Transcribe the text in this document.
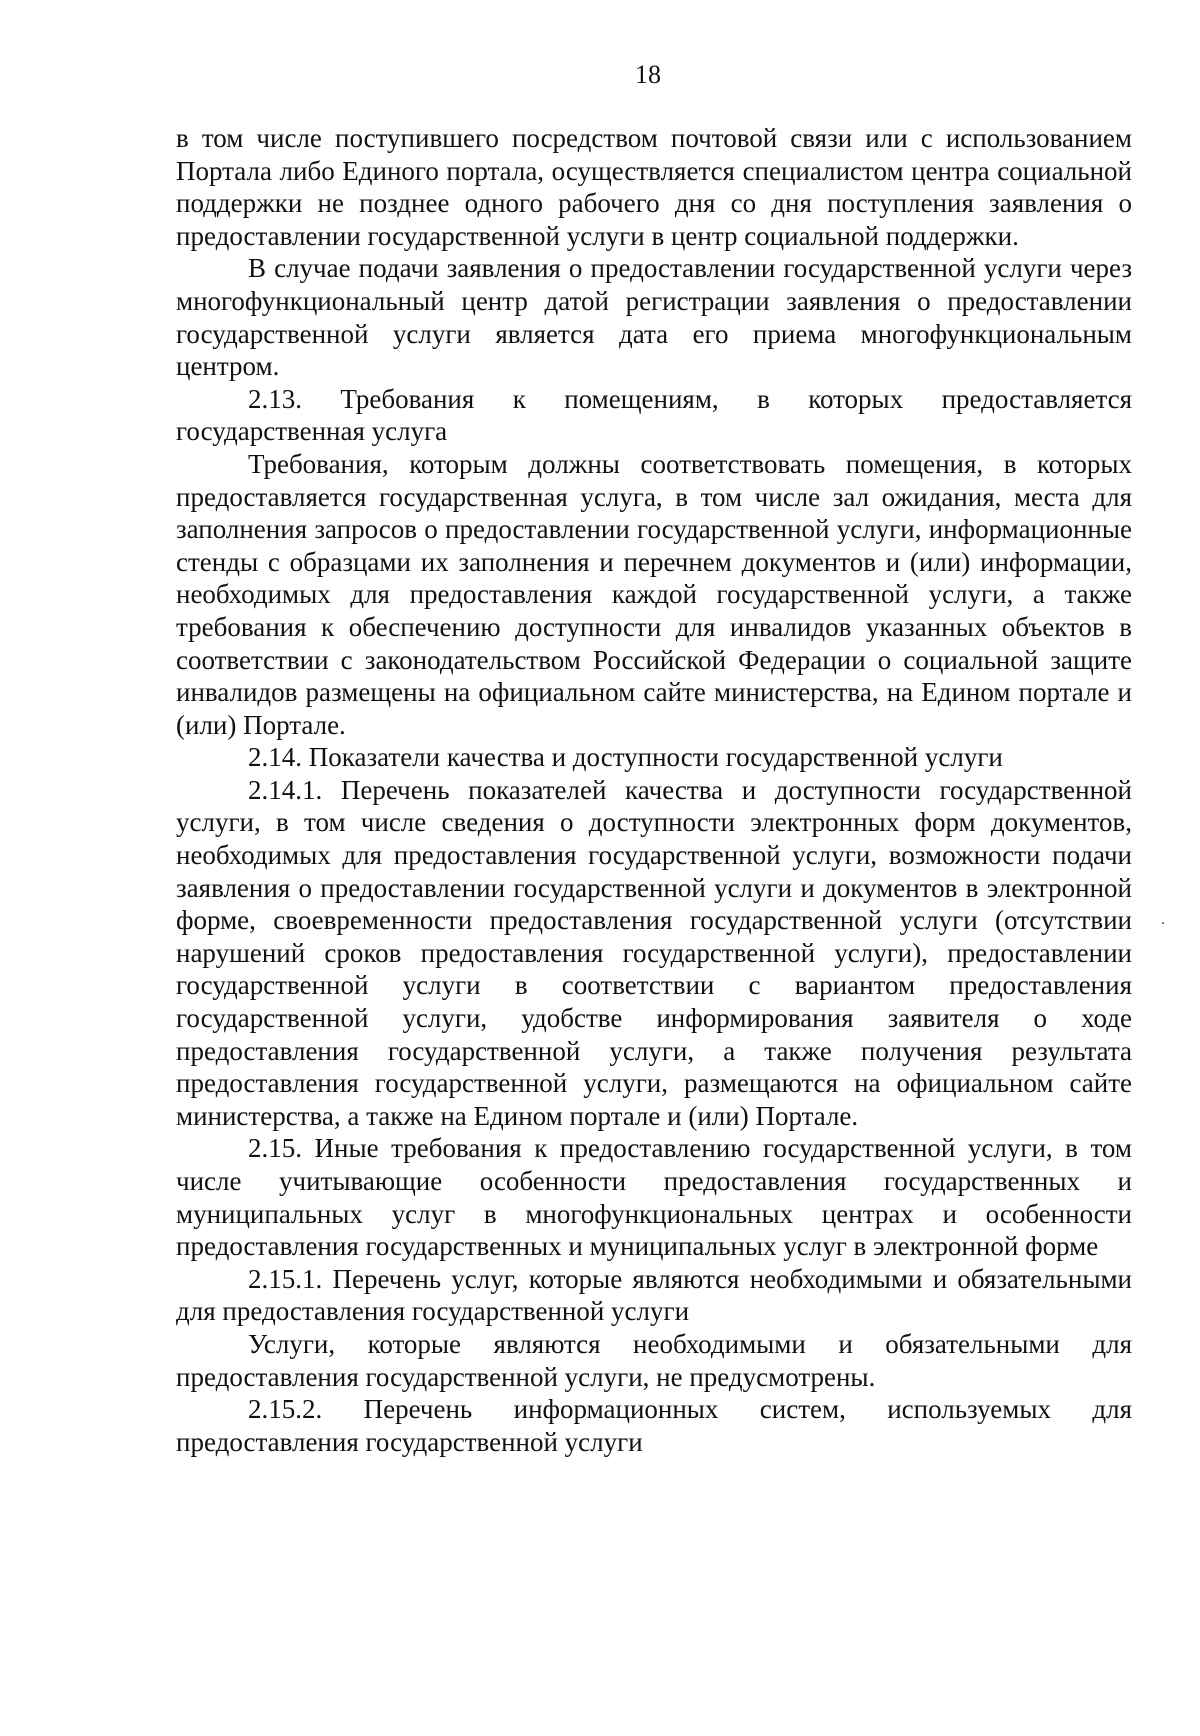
18

в том числе поступившего посредством почтовой связи или с использованием Портала либо Единого портала, осуществляется специалистом центра социальной поддержки не позднее одного рабочего дня со дня поступления заявления о предоставлении государственной услуги в центр социальной поддержки.

В случае подачи заявления о предоставлении государственной услуги через многофункциональный центр датой регистрации заявления о предоставлении государственной услуги является дата его приема многофункциональным центром.

2.13. Требования к помещениям, в которых предоставляется государственная услуга

Требования, которым должны соответствовать помещения, в которых предоставляется государственная услуга, в том числе зал ожидания, места для заполнения запросов о предоставлении государственной услуги, информационные стенды с образцами их заполнения и перечнем документов и (или) информации, необходимых для предоставления каждой государственной услуги, а также требования к обеспечению доступности для инвалидов указанных объектов в соответствии с законодательством Российской Федерации о социальной защите инвалидов размещены на официальном сайте министерства, на Едином портале и (или) Портале.

2.14. Показатели качества и доступности государственной услуги

2.14.1. Перечень показателей качества и доступности государственной услуги, в том числе сведения о доступности электронных форм документов, необходимых для предоставления государственной услуги, возможности подачи заявления о предоставлении государственной услуги и документов в электронной форме, своевременности предоставления государственной услуги (отсутствии нарушений сроков предоставления государственной услуги), предоставлении государственной услуги в соответствии с вариантом предоставления государственной услуги, удобстве информирования заявителя о ходе предоставления государственной услуги, а также получения результата предоставления государственной услуги, размещаются на официальном сайте министерства, а также на Едином портале и (или) Портале.

2.15. Иные требования к предоставлению государственной услуги, в том числе учитывающие особенности предоставления государственных и муниципальных услуг в многофункциональных центрах и особенности предоставления государственных и муниципальных услуг в электронной форме

2.15.1. Перечень услуг, которые являются необходимыми и обязательными для предоставления государственной услуги

Услуги, которые являются необходимыми и обязательными для предоставления государственной услуги, не предусмотрены.

2.15.2. Перечень информационных систем, используемых для предоставления государственной услуги
